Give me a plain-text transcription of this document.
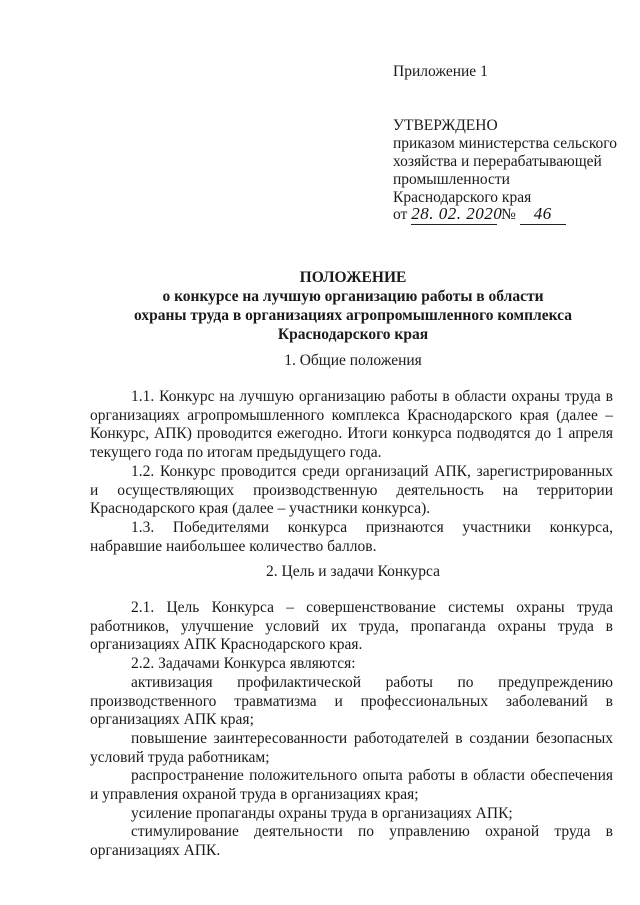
Приложение 1
УТВЕРЖДЕНО
приказом министерства сельского
хозяйства и перерабатывающей
промышленности
Краснодарского края
от 28. 02. 2020 № 46
ПОЛОЖЕНИЕ
о конкурсе на лучшую организацию работы в области
охраны труда в организациях агропромышленного комплекса
Краснодарского края
1. Общие положения

1.1. Конкурс на лучшую организацию работы в области охраны труда в организациях агропромышленного комплекса Краснодарского края (далее – Конкурс, АПК) проводится ежегодно. Итоги конкурса подводятся до 1 апреля текущего года по итогам предыдущего года.

1.2. Конкурс проводится среди организаций АПК, зарегистрированных и осуществляющих производственную деятельность на территории Краснодарского края (далее – участники конкурса).

1.3. Победителями конкурса признаются участники конкурса, набравшие наибольшее количество баллов.

2. Цель и задачи Конкурса

2.1. Цель Конкурса – совершенствование системы охраны труда работников, улучшение условий их труда, пропаганда охраны труда в организациях АПК Краснодарского края.

2.2. Задачами Конкурса являются:

активизация профилактической работы по предупреждению производственного травматизма и профессиональных заболеваний в организациях АПК края;

повышение заинтересованности работодателей в создании безопасных условий труда работникам;

распространение положительного опыта работы в области обеспечения и управления охраной труда в организациях края;

усиление пропаганды охраны труда в организациях АПК;

стимулирование деятельности по управлению охраной труда в организациях АПК.
